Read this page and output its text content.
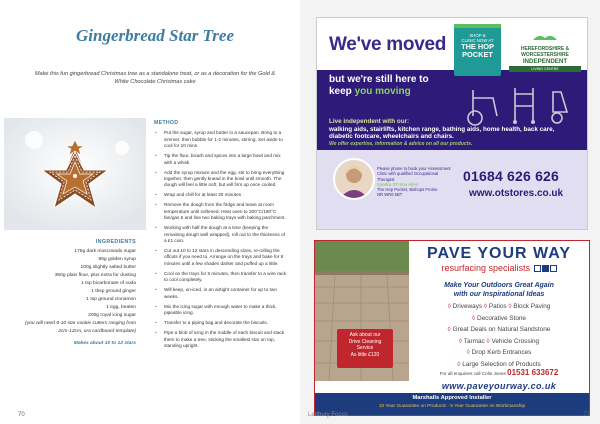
Gingerbread Star Tree
Make this fun gingerbread Christmas tree as a standalone treat, or as a decoration for the Gold & White Chocolate Christmas cake
INGREDIENTS
175g dark muscovado sugar
85g golden syrup
100g slightly salted butter
350g plain flour, plus extra for dusting
1 tsp bicarbonate of soda
1 tbsp ground ginger
1 tsp ground cinnamon
1 egg, beaten
200g royal icing sugar
(you will need 8-10 star cookie cutters ranging from 2cm-12cm, ora cardboard template)
Makes about 10 to 12 stars
METHOD
• Put the sugar, syrup and butter in a saucepan. Bring to a simmer, then bubble for 1-2 minutes, stirring. Set aside to cool for 10 mins.
• Tip the flour, bicarb and spices into a large bowl and mix with a whisk
• Add the syrup mixture and the egg, stir to bring everything together, then gently knead in the bowl until smooth. The dough will feel a little soft, but will firm up once cooled.
• Wrap and chill for at least 30 minutes
• Remove the dough from the fridge and leave at room temperature until softened. Heat oven to 200°C/180°C fan/gas 6 and line two baking trays with baking parchment.
• Working with half the dough at a time (keeping the remaining dough well wrapped), roll out to the thickness of a £1 coin.
• Cut out 10 to 12 stars in descending sizes, re-rolling the offcuts if you need to. Arrange on the trays and bake for 8 minutes until a few shades darker and puffed up a little.
• Cool on the trays for 5 minutes, then transfer to a wire rack to cool completely.
• Will keep, un-iced, in an airtight container for up to two weeks.
• Mix the icing sugar with enough water to make a thick, pipeable icing.
• Transfer to a piping bag and decorate the biscuits.
• Pipe a blob of icing in the middle of each biscuit and stack them to make a tree, sticking the smallest star on top, standing upright.
70
We've moved	SHOP &
CLINIC NOW AT
THE HOP
POCKET
HEREFORDSHIRE &
WORCESTERSHIRE
INDEPENDENT
LIVING CENTRE
but we're still here to
keep you moving
Live independent with our:
walking aids, stairlifts, kitchen range, bathing aids, home health, back care, diabetic footcare, wheelchairs and chairs.
We offer expertise, information & advice on all our products.
Please phone to book your Assessment Clinic with qualified Occupational Therapist
Sandra OT-Sue Allen
The Hop Pocket, Bishops Frome
NR WR6 5BT
01684 626 626
www.otstores.co.uk
PAVE YOUR WAY
resurfacing specialists
Make Your Outdoors Great Again
with our Inspirational Ideas
◊ Driveways ◊ Patios ◊ Block Paving
◊ Decorative Stone
◊ Great Deals on Natural Sandstone
◊ Tarmac ◊ Vehicle Crossing
◊ Drop Kerb Entrances
◊ Large Selection of Products
Ask about our
Drive Cleaning
Service
As little £120
For all enquiries call Colin Jones 01531 633672
www.paveyourway.co.uk
Marshalls Approved Installer
10 Year Guarantee on Products - 5 Year Guarantee on Workmanship
Ledbury Focus	71
